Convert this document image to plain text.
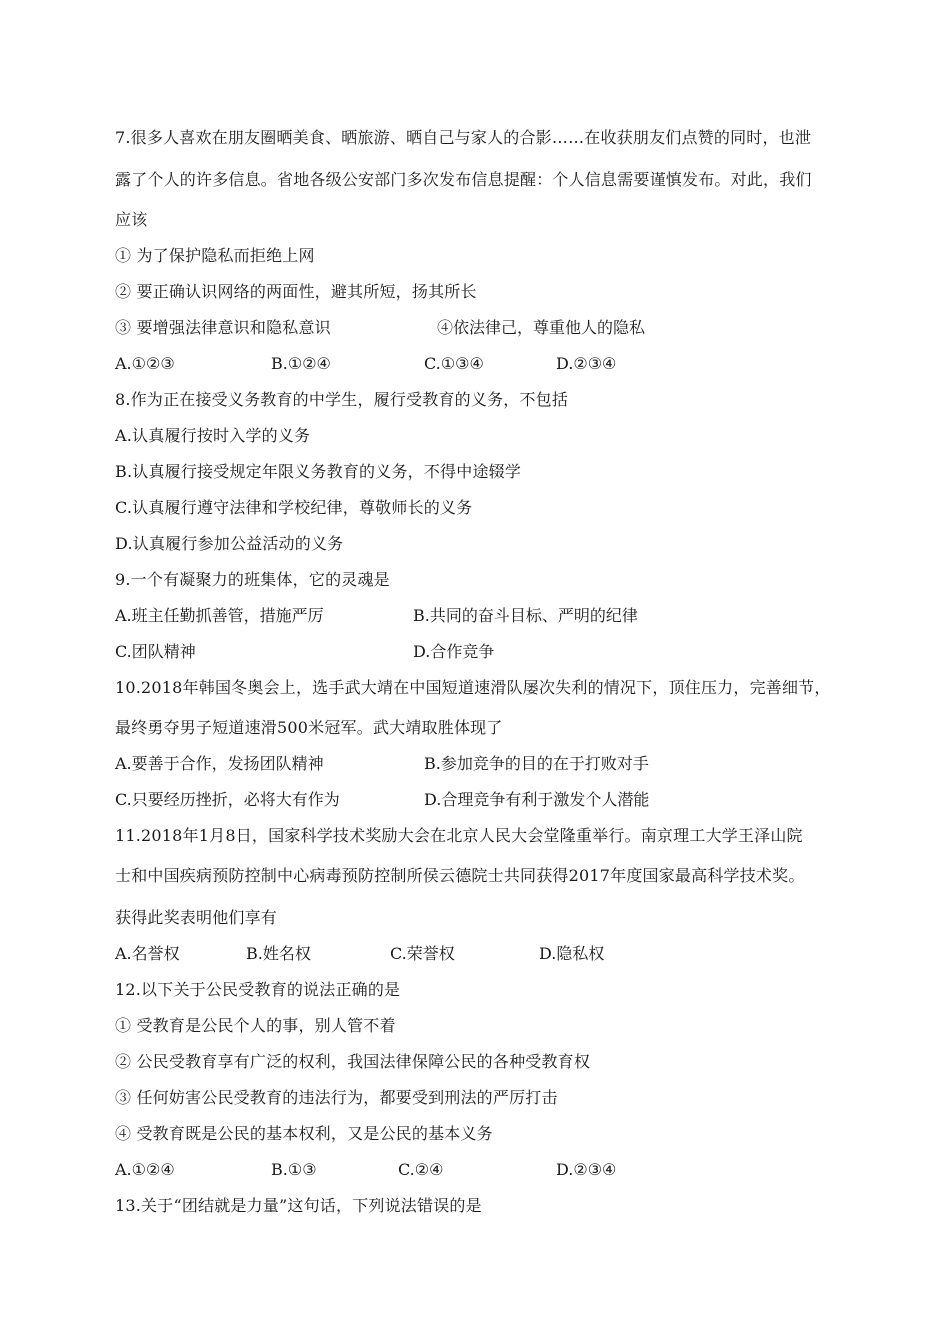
7.很多人喜欢在朋友圈晒美食、晒旅游、晒自己与家人的合影……在收获朋友们点赞的同时，也泄
露了个人的许多信息。省地各级公安部门多次发布信息提醒：个人信息需要谨慎发布。对此，我们
应该
① 为了保护隐私而拒绝上网
② 要正确认识网络的两面性，避其所短，扬其所长
③ 要增强法律意识和隐私意识	④依法律己，尊重他人的隐私
A.①②③	B.①②④	C.①③④	D.②③④
8.作为正在接受义务教育的中学生，履行受教育的义务，不包括
A.认真履行按时入学的义务
B.认真履行接受规定年限义务教育的义务，不得中途辍学
C.认真履行遵守法律和学校纪律，尊敬师长的义务
D.认真履行参加公益活动的义务
9.一个有凝聚力的班集体，它的灵魂是
A.班主任勤抓善管，措施严厉	B.共同的奋斗目标、严明的纪律
C.团队精神	D.合作竞争
10.2018年韩国冬奥会上，选手武大靖在中国短道速滑队屡次失利的情况下，顶住压力，完善细节，
最终勇夺男子短道速滑500米冠军。武大靖取胜体现了
A.要善于合作，发扬团队精神	B.参加竞争的目的在于打败对手
C.只要经历挫折，必将大有作为	D.合理竞争有利于激发个人潜能
11.2018年1月8日，国家科学技术奖励大会在北京人民大会堂隆重举行。南京理工大学王泽山院
士和中国疾病预防控制中心病毒预防控制所侯云德院士共同获得2017年度国家最高科学技术奖。
获得此奖表明他们享有
A.名誉权	B.姓名权	C.荣誉权	D.隐私权
12.以下关于公民受教育的说法正确的是
① 受教育是公民个人的事，别人管不着
② 公民受教育享有广泛的权利，我国法律保障公民的各种受教育权
③ 任何妨害公民受教育的违法行为，都要受到刑法的严厉打击
④ 受教育既是公民的基本权利，又是公民的基本义务
A.①②④	B.①③	C.②④	D.②③④
13.关于“团结就是力量”这句话，下列说法错误的是
